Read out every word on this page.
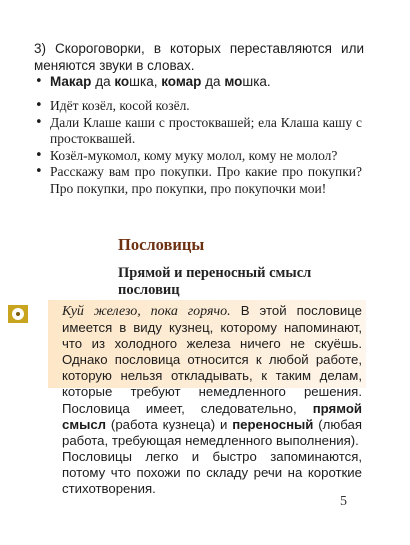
3) Скороговорки, в которых переставляются или меняются звуки в словах.

• Макар да кошка, комар да мошка.
• Идёт козёл, косой козёл.
• Дали Клаше каши с простоквашей; ела Клаша кашу с простоквашей.
• Козёл-мукомол, кому муку молол, кому не молол?
• Расскажу вам про покупки. Про какие про покупки? Про покупки, про покупки, про покупочки мои!
Пословицы
Прямой и переносный смысл пословиц

Куй железо, пока горячо. В этой пословице имеется в виду кузнец, которому напоминают, что из холодного железа ничего не скуёшь. Однако пословица относится к любой работе, которую нельзя откладывать, к таким делам, которые требуют немедленного решения. Пословица имеет, следовательно, прямой смысл (работа кузнеца) и переносный (любая работа, требующая немедленного выполнения).
Пословицы легко и быстро запоминаются, потому что похожи по складу речи на короткие стихотворения.

5
